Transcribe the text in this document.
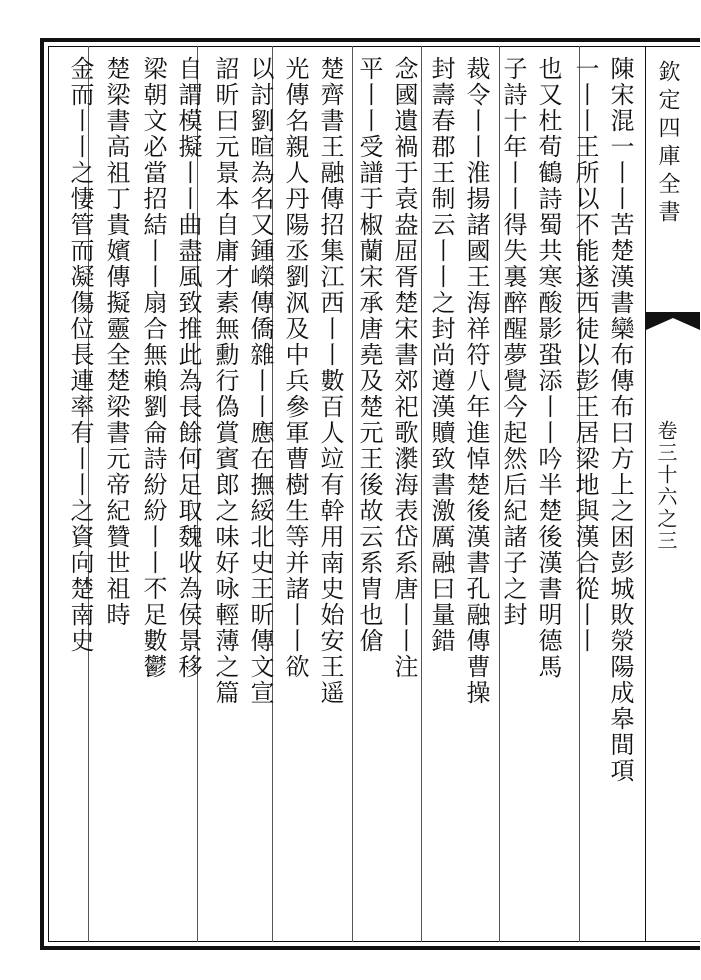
欽定四庫全書
卷三十六之三
陳宋混一丨丨苦楚漢書欒布傳布曰方上之困彭城敗滎陽成皋間項
一丨丨王所以不能遂西徒以彭王居梁地與漢合從丨丨
也又杜荀鶴詩蜀共寒酸影蛩添丨丨吟半楚後漢書明德馬
子詩十年丨丨得失裏醉醒夢覺今起然后紀諸子之封
裁令丨丨淮揚諸國王海祥符八年進悼楚後漢書孔融傳曹操
封壽春郡王制云丨丨之封尚遵漢贖致書激厲融曰量錯
念國遺禍于袁盎屈胥楚宋書郊祀歌㶋海表岱系唐丨丨注
平丨丨受譜于椒蘭宋承唐堯及楚元王後故云系胄也傖
楚齊書王融傳招集江西丨丨數百人竝有幹用南史始安王遥
光傳名親人丹陽丞劉沨及中兵參軍曹樹生等并諸丨丨欲
以討劉暄為名又鍾嶸傳僑雜丨丨應在撫綏北史王昕傳文宣
詔昕曰元景本自庸才素無勳行偽賞賓郎之味好咏輕薄之篇
自謂模擬丨丨曲盡風致推此為長餘何足取魏收為侯景移
梁朝文必當招結丨丨扇合無賴劉侖詩紛紛丨丨不足數鬱
楚梁書高祖丁貴嬪傳擬靈全楚梁書元帝紀贊世祖時
金而丨丨之悽管而凝傷位長連率有丨丨之資向楚南史
